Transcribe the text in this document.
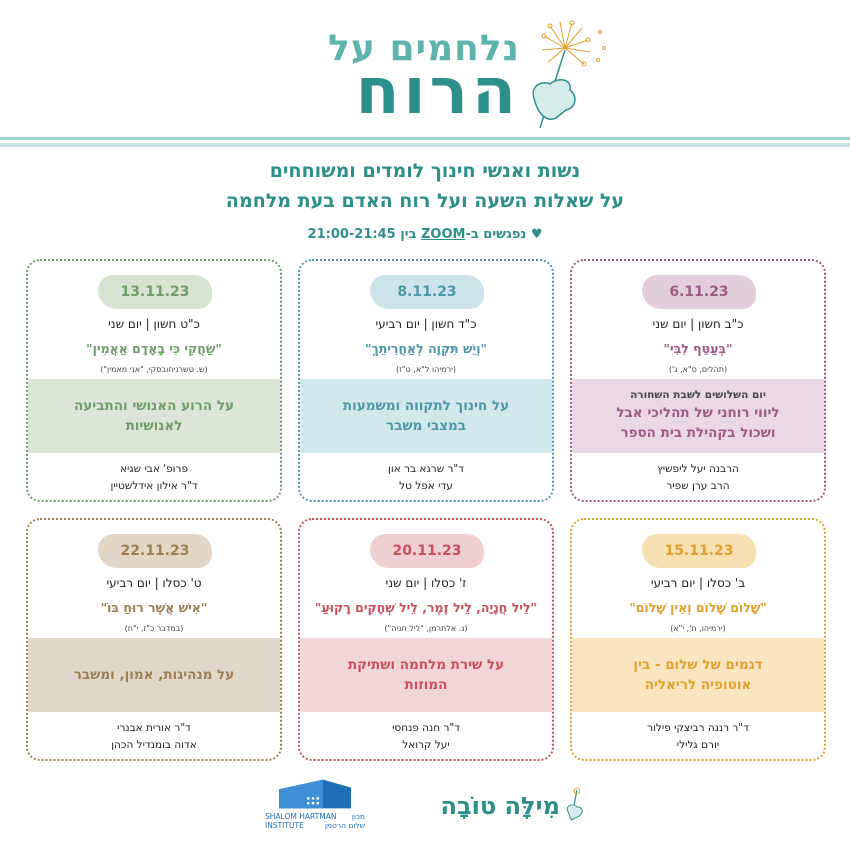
נלחמים על
הרוח
נשות ואנשי חינוך לומדים ומשוחחים
על שאלות השעה ועל רוח האדם בעת מלחמה
♥ נפגשים ב-ZOOM בין 21:00-21:45
6.11.23
כ"ב חשון | יום שני
"בְּעַטֵּף לִבִּי"
(תהלים, ס"א, ג')
יום השלושים לשבת השחורה
ליווי רוחני של תהליכי אבל ושכול בקהילת בית הספר
הרבנה יעל ליפשיץ
הרב ערן שפיר
8.11.23
כ"ד חשון | יום רביעי
"וְיֵשׁ תִּקְוָה לְאַחֲרִיתֵךְ"
(ירמיהו ל"א, ט"ז)
על חינוך לתקווה ומשמעות במצבי משבר
ד"ר שרגא בר און
עדי אפל טל
13.11.23
כ"ט חשון | יום שני
"שַׂחֲקִי כִּי בָאָדָם אַאֲמִין"
(ש. טשרניחובסקי, "אני מאמין")
על הרוע האנושי והתביעה לאנושיות
פרופ' אבי שגיא
ד"ר אילון אידלשטיין
15.11.23
ב' כסלו | יום רביעי
"שָׁלוֹם שָׁלוֹם וְאֵין שָׁלוֹם"
(ירמיהו, ח', י"א)
דגמים של שלום - בין אוטופיה לריאליה
ד"ר רננה רביצקי פילור
יורם גלילי
20.11.23
ז' כסלו | יום שני
"לֵיל חֲנָיָה, לֵיל זֶמֶר, לֵיל שְׁחָקִים רָקוּעַ"
(נ. אלתרמן, "ליל חניה")
על שירת מלחמה ושתיקת המוזות
ד"ר חנה פנחסי
יעל קרואל
22.11.23
ט' כסלו | יום רביעי
"אִישׁ אֲשֶׁר רוּחַ בּוֹ"
(במדבר כ"ז, י"ח)
על מנהיגות, אמון, ומשבר
ד"ר אורית אבנרי
אדוה בומנדיל הכהן
מִילָּה טוֹבָה
SHALOM HARTMAN מכון
INSTITUTE	שלום הרטמן
